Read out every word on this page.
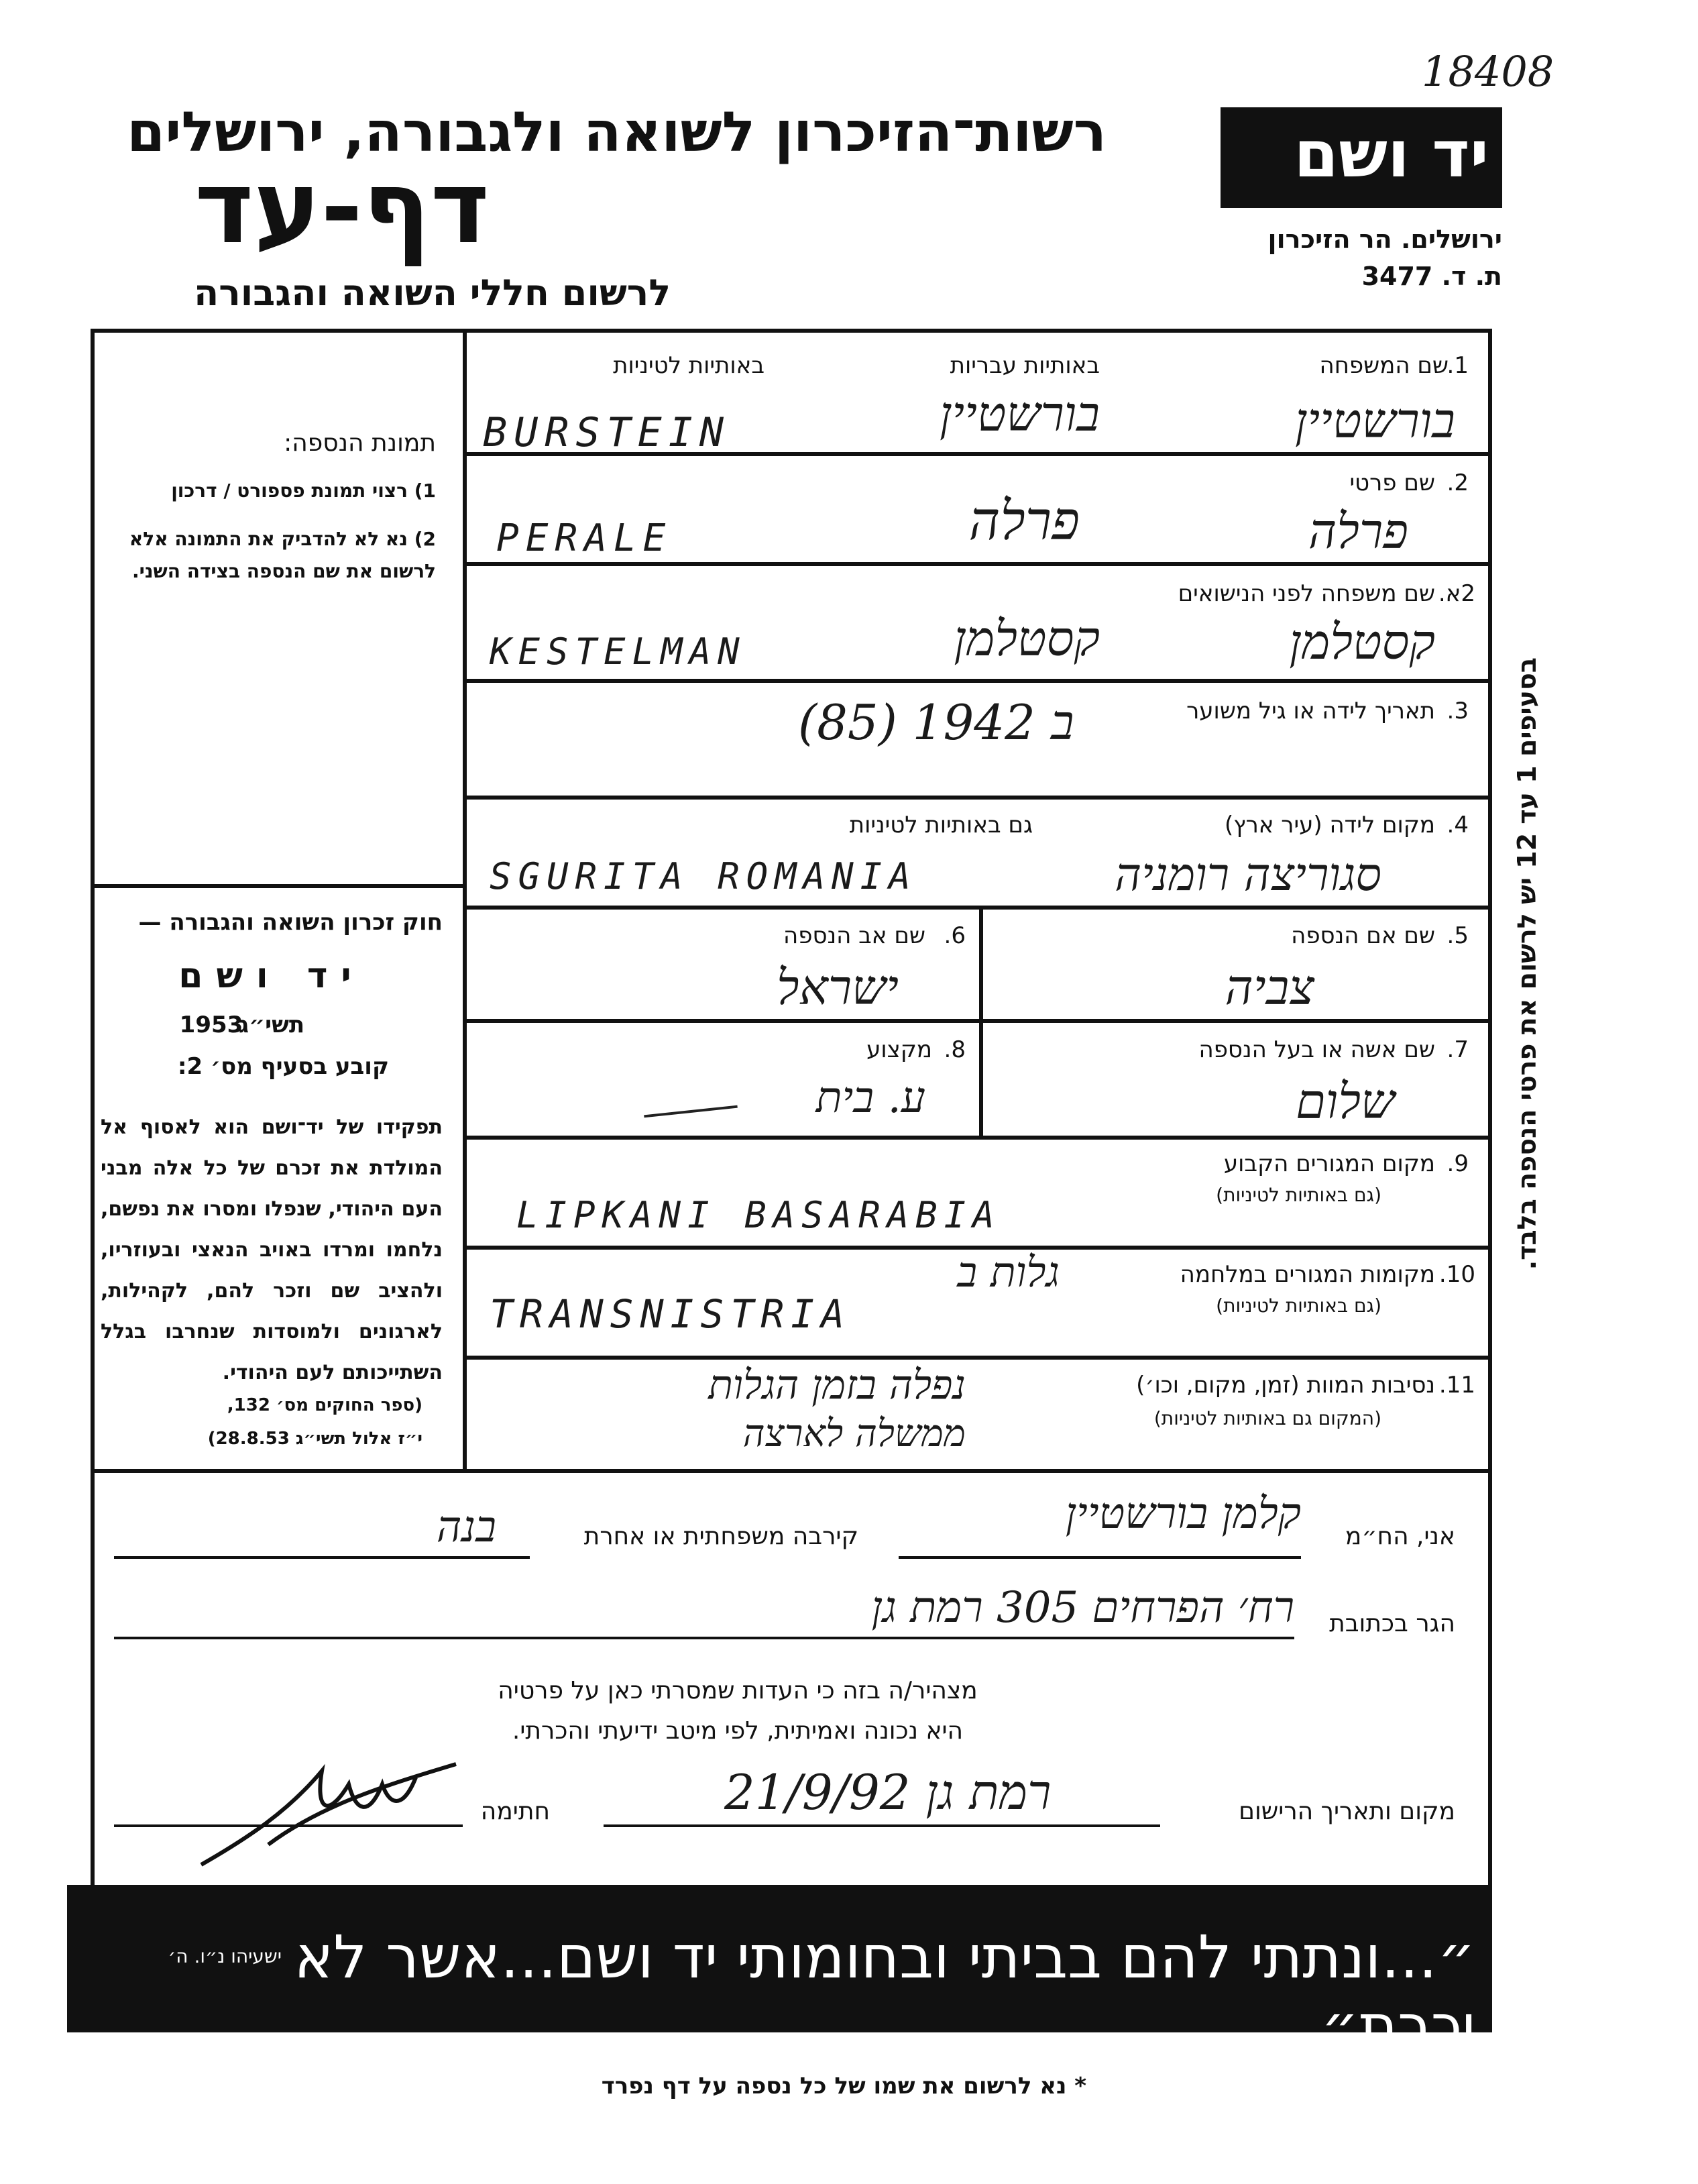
18408
רשות־הזיכרון לשואה ולגבורה, ירושלים
דף-עד
לרשום חללי השואה והגבורה
יד ושם
ירושלים. הר הזיכרון
ת. ד. 3477
תמונת הנספה:
1) רצוי תמונת פספורט / דרכון
2) נא לא להדביק את התמונה אלא לרשום את שם הנספה בצידה השני.
חוק זכרון השואה והגבורה —
יד ושם
תשי״ג
1953
קובע בסעיף מס׳ 2:
תפקידו של יד־ושם הוא לאסוף אל המולדת את זכרם של כל אלה מבני העם היהודי, שנפלו ומסרו את נפשם, נלחמו ומרדו באויב הנאצי ובעוזריו, ולהציב שם וזכר להם, לקהילות, לארגונים ולמוסדות שנחרבו בגלל השתייכותם לעם היהודי.
(ספר החוקים מס׳ 132,
י״ז אלול תשי״ג 28.8.53)
שם המשפחה
1.
באותיות עבריות
באותיות לטיניות
בורשטיין
ב​ורשטיין
BURSTEIN
שם פרטי 2.
פרלה
פרלה
PERALE
שם משפחה לפני הנישואים 2א.
קסטלמן
קסטלמן
KESTELMAN
תאריך לידה או גיל משוער 3.
(85) 1942 ב
מקום לידה (עיר ארץ) 4.
גם באותיות לטיניות
סגוריצה רומניה
SGURITA ROMANIA
שם אם הנספה 5.
צביה
שם אב הנספה 6.
ישראל
שם אשה או בעל הנספה 7.
שלום
מקצוע 8.
ע. בית
מקום המגורים הקבוע 9.
(גם באותיות לטיניות)
LIPKANI BASARABIA
מקומות המגורים במלחמה 10.
(גם באותיות לטיניות)
גלות ב
TRANSNISTRIA
נסיבות המוות (זמן, מקום, וכו׳) 11.
(המקום גם באותיות לטיניות)
נפלה בזמן הגלות
ממשלה לארצה
בסעיפים 1 עד 12 יש לרשום את פרטי הנספה בלבד.
אני, הח״מ
קלמן בורשטיין
קירבה משפחתית או אחרת
בנה
הגר בכתובת
רח׳ הפרחים 305 רמת גן
מצהיר/ה בזה כי העדות שמסרתי כאן על פרטיה
היא נכונה ואמיתית, לפי מיטב ידיעתי והכרתי.
מקום ותאריך הרישום
רמת גן 21/9/92
חתימה
״...ונתתי להם בביתי ובחומותי יד ושם...אשר לא יכרת״
ישעיהו נ״ו. ה׳
* נא לרשום את שמו של כל נספה על דף נפרד
